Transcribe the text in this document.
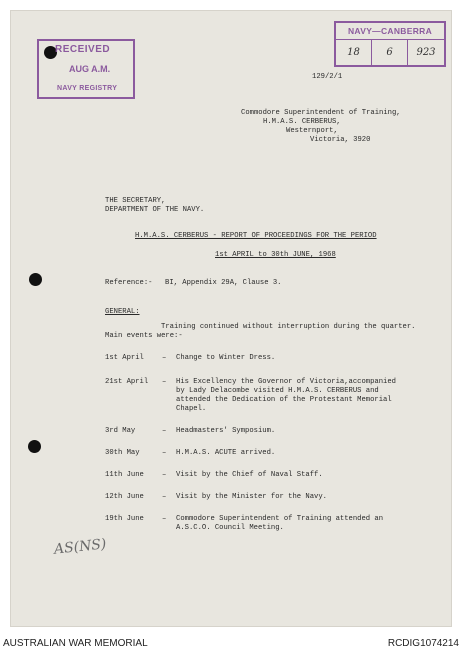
RECEIVED
AUG A.M.
NAVY REGISTRY
NAVY—CANBERRA
18	6	923
129/2/1
Commodore Superintendent of Training,
H.M.A.S. CERBERUS,
Westernport,
Victoria, 3920
THE SECRETARY,
DEPARTMENT OF THE NAVY.
H.M.A.S. CERBERUS - REPORT OF PROCEEDINGS FOR THE PERIOD
1st APRIL to 30th JUNE, 1968
Reference:- BI, Appendix 29A, Clause 3.
GENERAL:
Training continued without interruption during the quarter.
Main events were:-
1st April	– Change to Winter Dress.
21st April – His Excellency the Governor of Victoria,accompanied
by Lady Delacombe visited H.M.A.S. CERBERUS and
attended the Dedication of the Protestant Memorial
Chapel.
3rd May	– Headmasters' Symposium.
30th May	– H.M.A.S. ACUTE arrived.
11th June	– Visit by the Chief of Naval Staff.
12th June	– Visit by the Minister for the Navy.
19th June	– Commodore Superintendent of Training attended an
A.S.C.O. Council Meeting.
AS(NS)
AUSTRALIAN WAR MEMORIAL	RCDIG1074214
